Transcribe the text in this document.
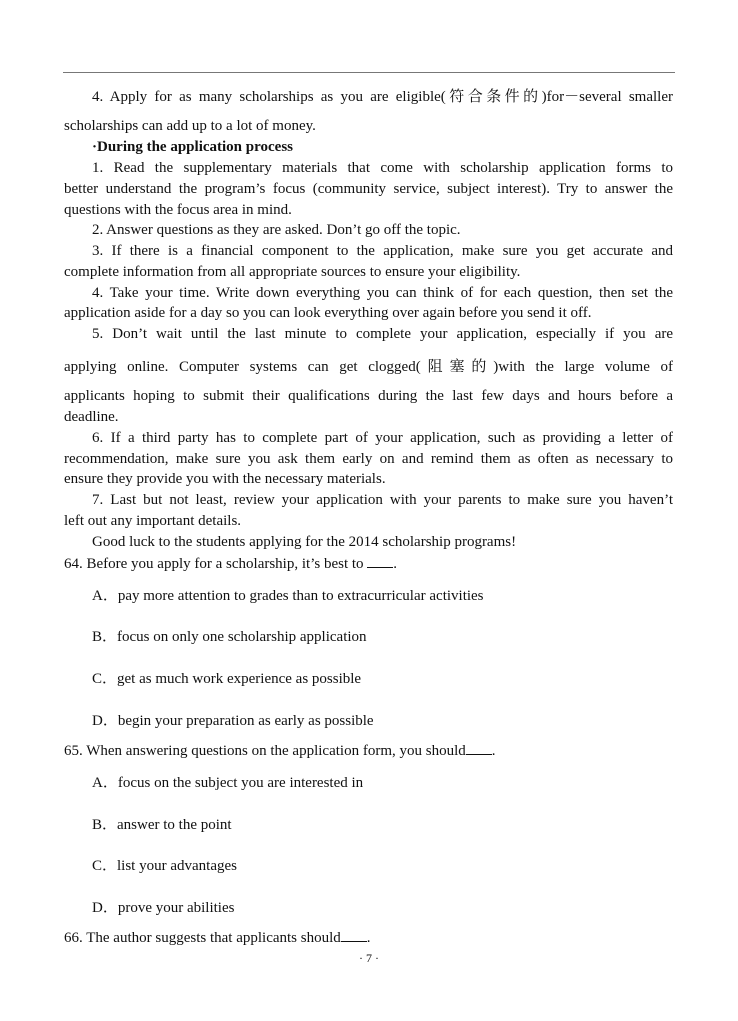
4. Apply for as many scholarships as you are eligible(符合条件的)for－several smaller
scholarships can add up to a lot of money.
·During the application process
1. Read the supplementary materials that come with scholarship application forms to
better understand the program’s focus (community service, subject interest). Try to answer the
questions with the focus area in mind.
2. Answer questions as they are asked. Don’t go off the topic.
3. If there is a financial component to the application, make sure you get accurate and
complete information from all appropriate sources to ensure your eligibility.
4. Take your time. Write down everything you can think of for each question, then set the
application aside for a day so you can look everything over again before you send it off.
5. Don’t wait until the last minute to complete your application, especially if you are
applying online. Computer systems can get clogged(阻塞的)with the large volume of
applicants hoping to submit their qualifications during the last few days and hours before a
deadline.
6. If a third party has to complete part of your application, such as providing a letter of
recommendation, make sure you ask them early on and remind them as often as necessary to
ensure they provide you with the necessary materials.
7. Last but not least, review your application with your parents to make sure you haven’t
left out any important details.
Good luck to the students applying for the 2014 scholarship programs!
64. Before you apply for a scholarship, it’s best to .
A．pay more attention to grades than to extracurricular activities
B．focus on only one scholarship application
C．get as much work experience as possible
D．begin your preparation as early as possible
65. When answering questions on the application form, you should .
A．focus on the subject you are interested in
B．answer to the point
C．list your advantages
D．prove your abilities
66. The author suggests that applicants should .
· 7 ·
